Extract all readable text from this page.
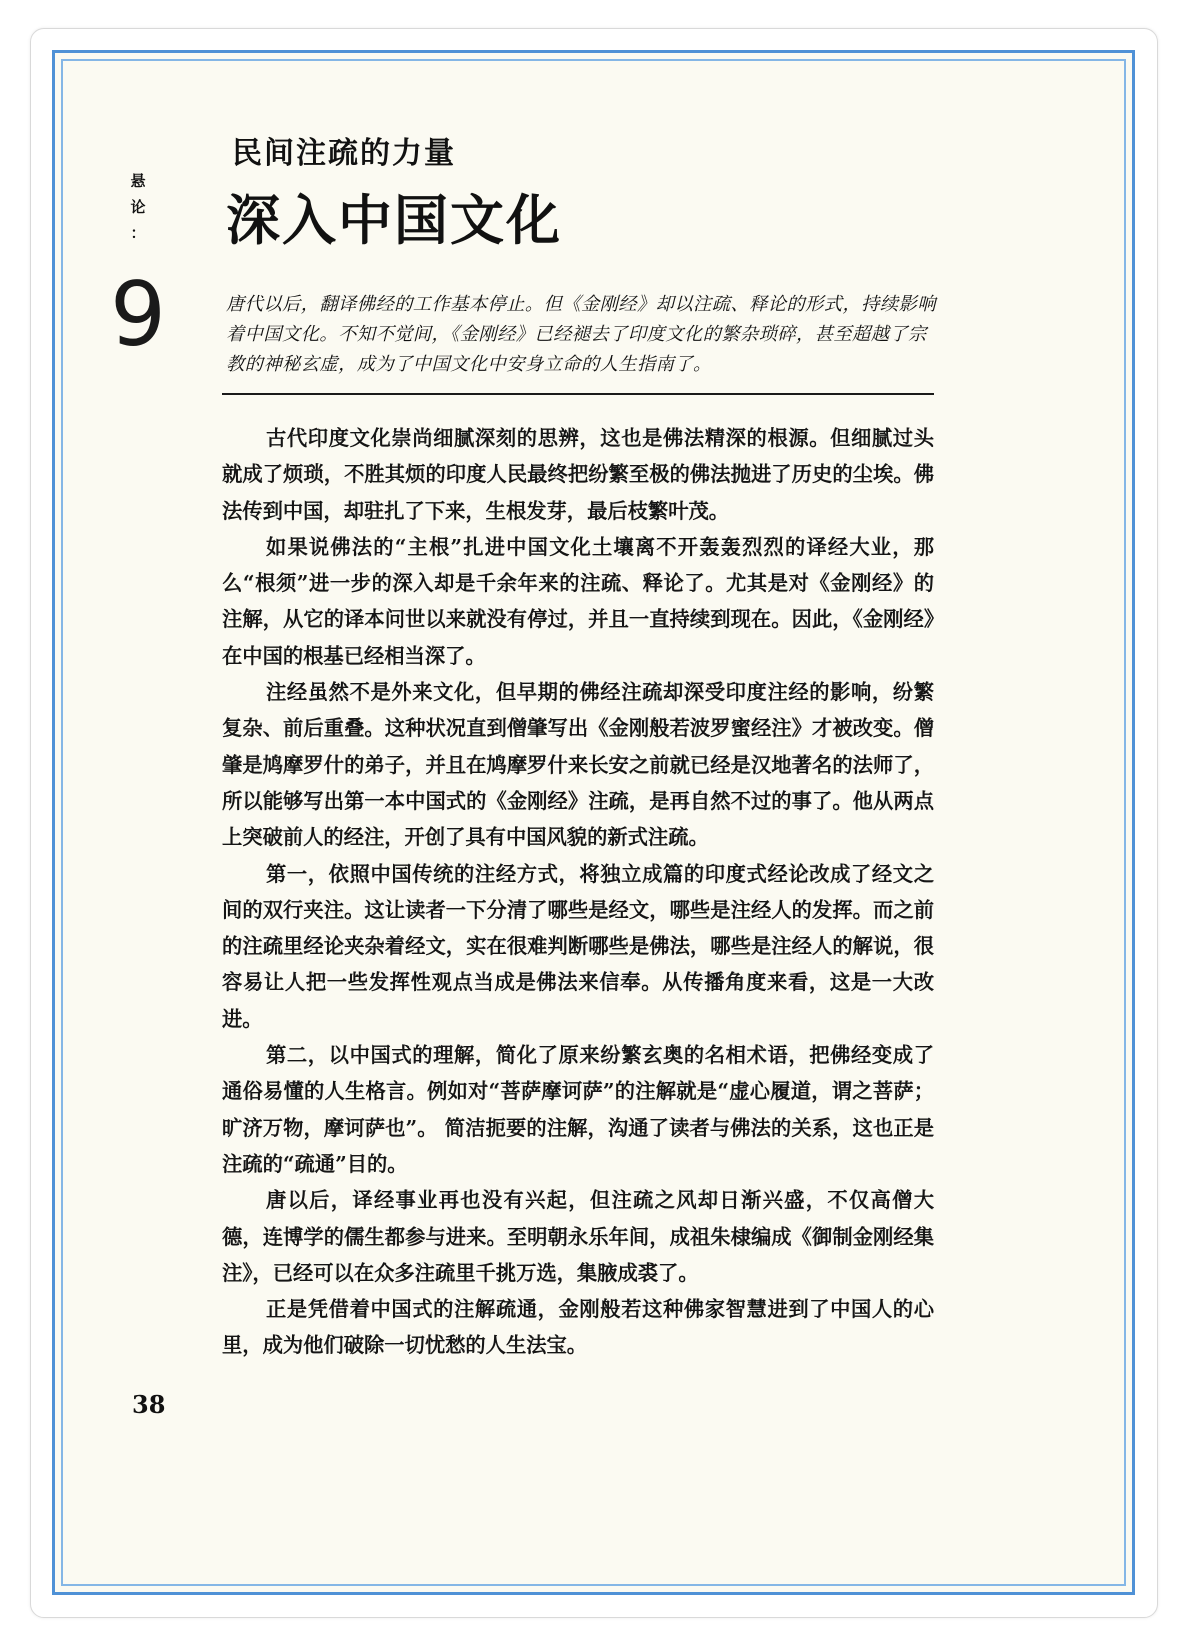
悬
论
：
9
民间注疏的力量
深入中国文化

唐代以后，翻译佛经的工作基本停止。但《金刚经》却以注疏、释论的形式，持续影响着中国文化。不知不觉间，《金刚经》已经褪去了印度文化的繁杂琐碎，甚至超越了宗教的神秘玄虚，成为了中国文化中安身立命的人生指南了。

古代印度文化崇尚细腻深刻的思辨，这也是佛法精深的根源。但细腻过头就成了烦琐，不胜其烦的印度人民最终把纷繁至极的佛法抛进了历史的尘埃。佛法传到中国，却驻扎了下来，生根发芽，最后枝繁叶茂。

如果说佛法的“主根”扎进中国文化土壤离不开轰轰烈烈的译经大业，那么“根须”进一步的深入却是千余年来的注疏、释论了。尤其是对《金刚经》的注解，从它的译本问世以来就没有停过，并且一直持续到现在。因此，《金刚经》在中国的根基已经相当深了。

注经虽然不是外来文化，但早期的佛经注疏却深受印度注经的影响，纷繁复杂、前后重叠。这种状况直到僧肇写出《金刚般若波罗蜜经注》才被改变。僧肇是鸠摩罗什的弟子，并且在鸠摩罗什来长安之前就已经是汉地著名的法师了，所以能够写出第一本中国式的《金刚经》注疏，是再自然不过的事了。他从两点上突破前人的经注，开创了具有中国风貌的新式注疏。

第一，依照中国传统的注经方式，将独立成篇的印度式经论改成了经文之间的双行夹注。这让读者一下分清了哪些是经文，哪些是注经人的发挥。而之前的注疏里经论夹杂着经文，实在很难判断哪些是佛法，哪些是注经人的解说，很容易让人把一些发挥性观点当成是佛法来信奉。从传播角度来看，这是一大改进。

第二，以中国式的理解，简化了原来纷繁玄奥的名相术语，把佛经变成了通俗易懂的人生格言。例如对“菩萨摩诃萨”的注解就是“虚心履道，谓之菩萨；旷济万物，摩诃萨也”。 简洁扼要的注解，沟通了读者与佛法的关系，这也正是注疏的“疏通”目的。

唐以后，译经事业再也没有兴起，但注疏之风却日渐兴盛，不仅高僧大德，连博学的儒生都参与进来。至明朝永乐年间，成祖朱棣编成《御制金刚经集注》，已经可以在众多注疏里千挑万选，集腋成裘了。

正是凭借着中国式的注解疏通，金刚般若这种佛家智慧进到了中国人的心里，成为他们破除一切忧愁的人生法宝。

38
